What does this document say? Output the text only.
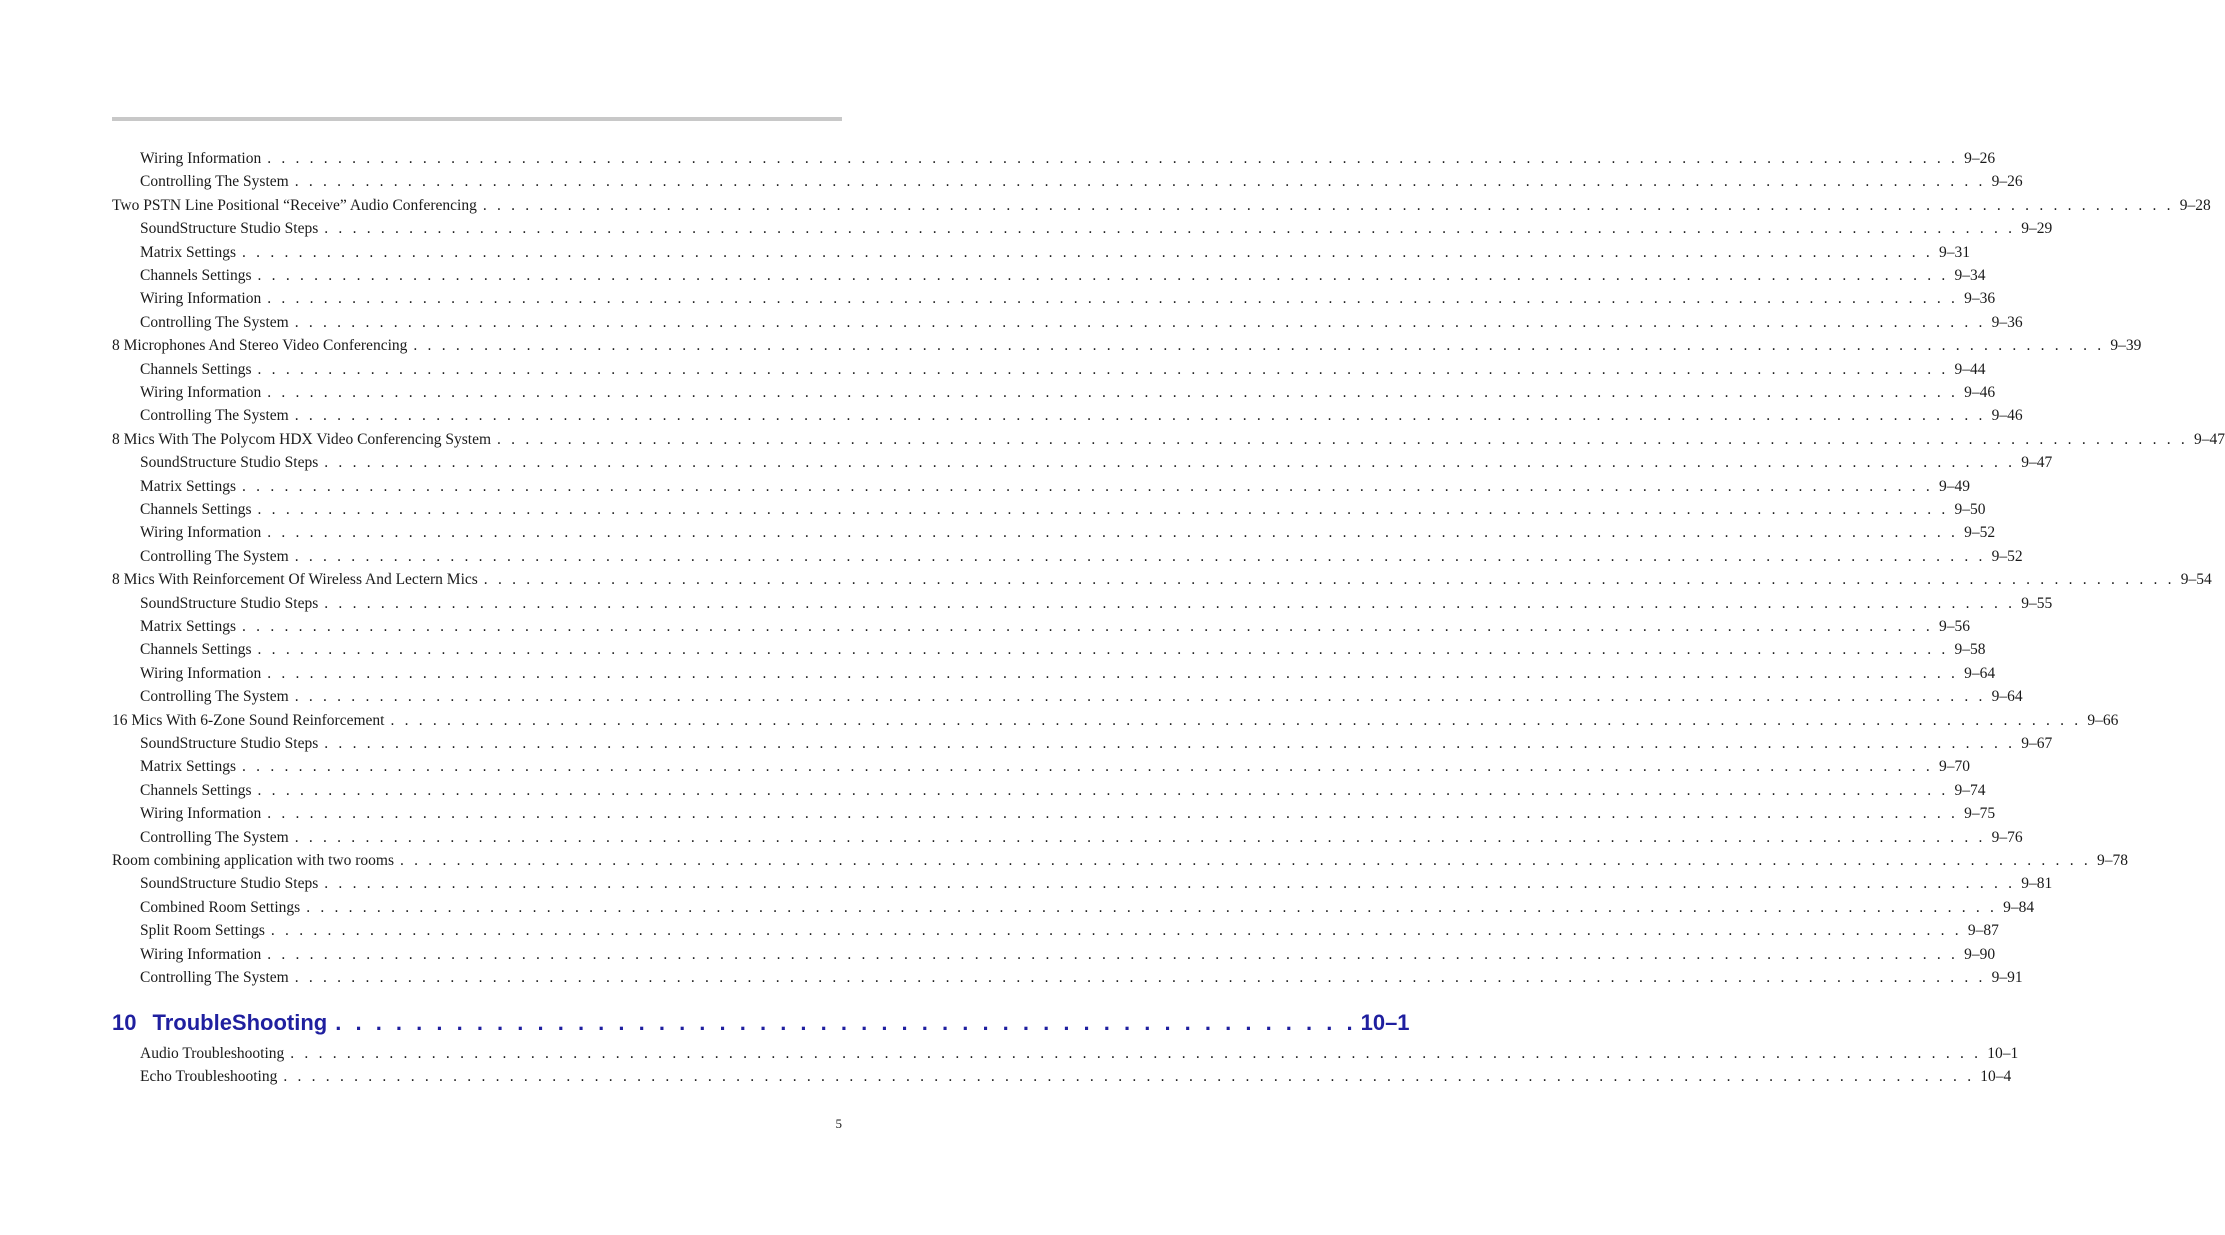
Wiring Information . . . . . . . . . . . . . . . . . . . . . . . . . . . . . . . . . . . . . . . . . . . . . . . . . . . . . . . . . . . . . . . . . . . . . . . . . . . . . . . . . . . . . . . . . . . . . . . . . . . . . . . . . . . . . . . . . . . . . . . . 9–26
Controlling The System . . . . . . . . . . . . . . . . . . . . . . . . . . . . . . . . . . . . . . . . . . . . . . . . . . . . . . . . . . . . . . . . . . . . . . . . . . . . . . . . . . . . . . . . . . . . . . . . . . . . . . . . . . . . . . . . . . . . . . . . 9–26
Two PSTN Line Positional “Receive” Audio Conferencing . . . . . . . . . . . . . . . . . . . . . . . . . . . . . . . . . . . . . . . . . . . . . . . . . . . . . . . . . . . . . . . . . . . . . . . . . . . . . . . . . . . . . . . . . . . . . . . . . . . . . . . . . . . . . . . . . . . . . . . . 9–28
SoundStructure Studio Steps . . . . . . . . . . . . . . . . . . . . . . . . . . . . . . . . . . . . . . . . . . . . . . . . . . . . . . . . . . . . . . . . . . . . . . . . . . . . . . . . . . . . . . . . . . . . . . . . . . . . . . . . . . . . . . . . . . . . . . . . 9–29
Matrix Settings . . . . . . . . . . . . . . . . . . . . . . . . . . . . . . . . . . . . . . . . . . . . . . . . . . . . . . . . . . . . . . . . . . . . . . . . . . . . . . . . . . . . . . . . . . . . . . . . . . . . . . . . . . . . . . . . . . . . . . . . 9–31
Channels Settings . . . . . . . . . . . . . . . . . . . . . . . . . . . . . . . . . . . . . . . . . . . . . . . . . . . . . . . . . . . . . . . . . . . . . . . . . . . . . . . . . . . . . . . . . . . . . . . . . . . . . . . . . . . . . . . . . . . . . . . . 9–34
Wiring Information . . . . . . . . . . . . . . . . . . . . . . . . . . . . . . . . . . . . . . . . . . . . . . . . . . . . . . . . . . . . . . . . . . . . . . . . . . . . . . . . . . . . . . . . . . . . . . . . . . . . . . . . . . . . . . . . . . . . . . . . 9–36
Controlling The System . . . . . . . . . . . . . . . . . . . . . . . . . . . . . . . . . . . . . . . . . . . . . . . . . . . . . . . . . . . . . . . . . . . . . . . . . . . . . . . . . . . . . . . . . . . . . . . . . . . . . . . . . . . . . . . . . . . . . . . . 9–36
8 Microphones And Stereo Video Conferencing . . . . . . . . . . . . . . . . . . . . . . . . . . . . . . . . . . . . . . . . . . . . . . . . . . . . . . . . . . . . . . . . . . . . . . . . . . . . . . . . . . . . . . . . . . . . . . . . . . . . . . . . . . . . . . . . . . . . . . . . 9–39
Channels Settings . . . . . . . . . . . . . . . . . . . . . . . . . . . . . . . . . . . . . . . . . . . . . . . . . . . . . . . . . . . . . . . . . . . . . . . . . . . . . . . . . . . . . . . . . . . . . . . . . . . . . . . . . . . . . . . . . . . . . . . . 9–44
Wiring Information . . . . . . . . . . . . . . . . . . . . . . . . . . . . . . . . . . . . . . . . . . . . . . . . . . . . . . . . . . . . . . . . . . . . . . . . . . . . . . . . . . . . . . . . . . . . . . . . . . . . . . . . . . . . . . . . . . . . . . . . 9–46
Controlling The System . . . . . . . . . . . . . . . . . . . . . . . . . . . . . . . . . . . . . . . . . . . . . . . . . . . . . . . . . . . . . . . . . . . . . . . . . . . . . . . . . . . . . . . . . . . . . . . . . . . . . . . . . . . . . . . . . . . . . . . . 9–46
8 Mics With The Polycom HDX Video Conferencing System . . . . . . . . . . . . . . . . . . . . . . . . . . . . . . . . . . . . . . . . . . . . . . . . . . . . . . . . . . . . . . . . . . . . . . . . . . . . . . . . . . . . . . . . . . . . . . . . . . . . . . . . . . . . . . . . . . . . . . . . 9–47
SoundStructure Studio Steps . . . . . . . . . . . . . . . . . . . . . . . . . . . . . . . . . . . . . . . . . . . . . . . . . . . . . . . . . . . . . . . . . . . . . . . . . . . . . . . . . . . . . . . . . . . . . . . . . . . . . . . . . . . . . . . . . . . . . . . . 9–47
Matrix Settings . . . . . . . . . . . . . . . . . . . . . . . . . . . . . . . . . . . . . . . . . . . . . . . . . . . . . . . . . . . . . . . . . . . . . . . . . . . . . . . . . . . . . . . . . . . . . . . . . . . . . . . . . . . . . . . . . . . . . . . . 9–49
Channels Settings . . . . . . . . . . . . . . . . . . . . . . . . . . . . . . . . . . . . . . . . . . . . . . . . . . . . . . . . . . . . . . . . . . . . . . . . . . . . . . . . . . . . . . . . . . . . . . . . . . . . . . . . . . . . . . . . . . . . . . . . 9–50
Wiring Information . . . . . . . . . . . . . . . . . . . . . . . . . . . . . . . . . . . . . . . . . . . . . . . . . . . . . . . . . . . . . . . . . . . . . . . . . . . . . . . . . . . . . . . . . . . . . . . . . . . . . . . . . . . . . . . . . . . . . . . . 9–52
Controlling The System . . . . . . . . . . . . . . . . . . . . . . . . . . . . . . . . . . . . . . . . . . . . . . . . . . . . . . . . . . . . . . . . . . . . . . . . . . . . . . . . . . . . . . . . . . . . . . . . . . . . . . . . . . . . . . . . . . . . . . . . 9–52
8 Mics With Reinforcement Of Wireless And Lectern Mics . . . . . . . . . . . . . . . . . . . . . . . . . . . . . . . . . . . . . . . . . . . . . . . . . . . . . . . . . . . . . . . . . . . . . . . . . . . . . . . . . . . . . . . . . . . . . . . . . . . . . . . . . . . . . . . . . . . . . . . . 9–54
SoundStructure Studio Steps . . . . . . . . . . . . . . . . . . . . . . . . . . . . . . . . . . . . . . . . . . . . . . . . . . . . . . . . . . . . . . . . . . . . . . . . . . . . . . . . . . . . . . . . . . . . . . . . . . . . . . . . . . . . . . . . . . . . . . . . 9–55
Matrix Settings . . . . . . . . . . . . . . . . . . . . . . . . . . . . . . . . . . . . . . . . . . . . . . . . . . . . . . . . . . . . . . . . . . . . . . . . . . . . . . . . . . . . . . . . . . . . . . . . . . . . . . . . . . . . . . . . . . . . . . . . 9–56
Channels Settings . . . . . . . . . . . . . . . . . . . . . . . . . . . . . . . . . . . . . . . . . . . . . . . . . . . . . . . . . . . . . . . . . . . . . . . . . . . . . . . . . . . . . . . . . . . . . . . . . . . . . . . . . . . . . . . . . . . . . . . . 9–58
Wiring Information . . . . . . . . . . . . . . . . . . . . . . . . . . . . . . . . . . . . . . . . . . . . . . . . . . . . . . . . . . . . . . . . . . . . . . . . . . . . . . . . . . . . . . . . . . . . . . . . . . . . . . . . . . . . . . . . . . . . . . . . 9–64
Controlling The System . . . . . . . . . . . . . . . . . . . . . . . . . . . . . . . . . . . . . . . . . . . . . . . . . . . . . . . . . . . . . . . . . . . . . . . . . . . . . . . . . . . . . . . . . . . . . . . . . . . . . . . . . . . . . . . . . . . . . . . . 9–64
16 Mics With 6-Zone Sound Reinforcement . . . . . . . . . . . . . . . . . . . . . . . . . . . . . . . . . . . . . . . . . . . . . . . . . . . . . . . . . . . . . . . . . . . . . . . . . . . . . . . . . . . . . . . . . . . . . . . . . . . . . . . . . . . . . . . . . . . . . . . . 9–66
SoundStructure Studio Steps . . . . . . . . . . . . . . . . . . . . . . . . . . . . . . . . . . . . . . . . . . . . . . . . . . . . . . . . . . . . . . . . . . . . . . . . . . . . . . . . . . . . . . . . . . . . . . . . . . . . . . . . . . . . . . . . . . . . . . . . 9–67
Matrix Settings . . . . . . . . . . . . . . . . . . . . . . . . . . . . . . . . . . . . . . . . . . . . . . . . . . . . . . . . . . . . . . . . . . . . . . . . . . . . . . . . . . . . . . . . . . . . . . . . . . . . . . . . . . . . . . . . . . . . . . . . 9–70
Channels Settings . . . . . . . . . . . . . . . . . . . . . . . . . . . . . . . . . . . . . . . . . . . . . . . . . . . . . . . . . . . . . . . . . . . . . . . . . . . . . . . . . . . . . . . . . . . . . . . . . . . . . . . . . . . . . . . . . . . . . . . . 9–74
Wiring Information . . . . . . . . . . . . . . . . . . . . . . . . . . . . . . . . . . . . . . . . . . . . . . . . . . . . . . . . . . . . . . . . . . . . . . . . . . . . . . . . . . . . . . . . . . . . . . . . . . . . . . . . . . . . . . . . . . . . . . . . 9–75
Controlling The System . . . . . . . . . . . . . . . . . . . . . . . . . . . . . . . . . . . . . . . . . . . . . . . . . . . . . . . . . . . . . . . . . . . . . . . . . . . . . . . . . . . . . . . . . . . . . . . . . . . . . . . . . . . . . . . . . . . . . . . . 9–76
Room combining application with two rooms . . . . . . . . . . . . . . . . . . . . . . . . . . . . . . . . . . . . . . . . . . . . . . . . . . . . . . . . . . . . . . . . . . . . . . . . . . . . . . . . . . . . . . . . . . . . . . . . . . . . . . . . . . . . . . . . . . . . . . . . 9–78
SoundStructure Studio Steps . . . . . . . . . . . . . . . . . . . . . . . . . . . . . . . . . . . . . . . . . . . . . . . . . . . . . . . . . . . . . . . . . . . . . . . . . . . . . . . . . . . . . . . . . . . . . . . . . . . . . . . . . . . . . . . . . . . . . . . . 9–81
Combined Room Settings . . . . . . . . . . . . . . . . . . . . . . . . . . . . . . . . . . . . . . . . . . . . . . . . . . . . . . . . . . . . . . . . . . . . . . . . . . . . . . . . . . . . . . . . . . . . . . . . . . . . . . . . . . . . . . . . . . . . . . . . 9–84
Split Room Settings . . . . . . . . . . . . . . . . . . . . . . . . . . . . . . . . . . . . . . . . . . . . . . . . . . . . . . . . . . . . . . . . . . . . . . . . . . . . . . . . . . . . . . . . . . . . . . . . . . . . . . . . . . . . . . . . . . . . . . . . 9–87
Wiring Information . . . . . . . . . . . . . . . . . . . . . . . . . . . . . . . . . . . . . . . . . . . . . . . . . . . . . . . . . . . . . . . . . . . . . . . . . . . . . . . . . . . . . . . . . . . . . . . . . . . . . . . . . . . . . . . . . . . . . . . . 9–90
Controlling The System . . . . . . . . . . . . . . . . . . . . . . . . . . . . . . . . . . . . . . . . . . . . . . . . . . . . . . . . . . . . . . . . . . . . . . . . . . . . . . . . . . . . . . . . . . . . . . . . . . . . . . . . . . . . . . . . . . . . . . . . 9–91
Audio Troubleshooting . . . . . . . . . . . . . . . . . . . . . . . . . . . . . . . . . . . . . . . . . . . . . . . . . . . . . . . . . . . . . . . . . . . . . . . . . . . . . . . . . . . . . . . . . . . . . . . . . . . . . . . . . . . . . . . . . . . . . . . . 10–1
Echo Troubleshooting . . . . . . . . . . . . . . . . . . . . . . . . . . . . . . . . . . . . . . . . . . . . . . . . . . . . . . . . . . . . . . . . . . . . . . . . . . . . . . . . . . . . . . . . . . . . . . . . . . . . . . . . . . . . . . . . . . . . . . . . 10–4
10 TroubleShooting . . . . . . . . . . . . . . . . . . . . . . . . . . . . . . . . . . . . . . . . . . . . . . . . . . . 10–1
5
